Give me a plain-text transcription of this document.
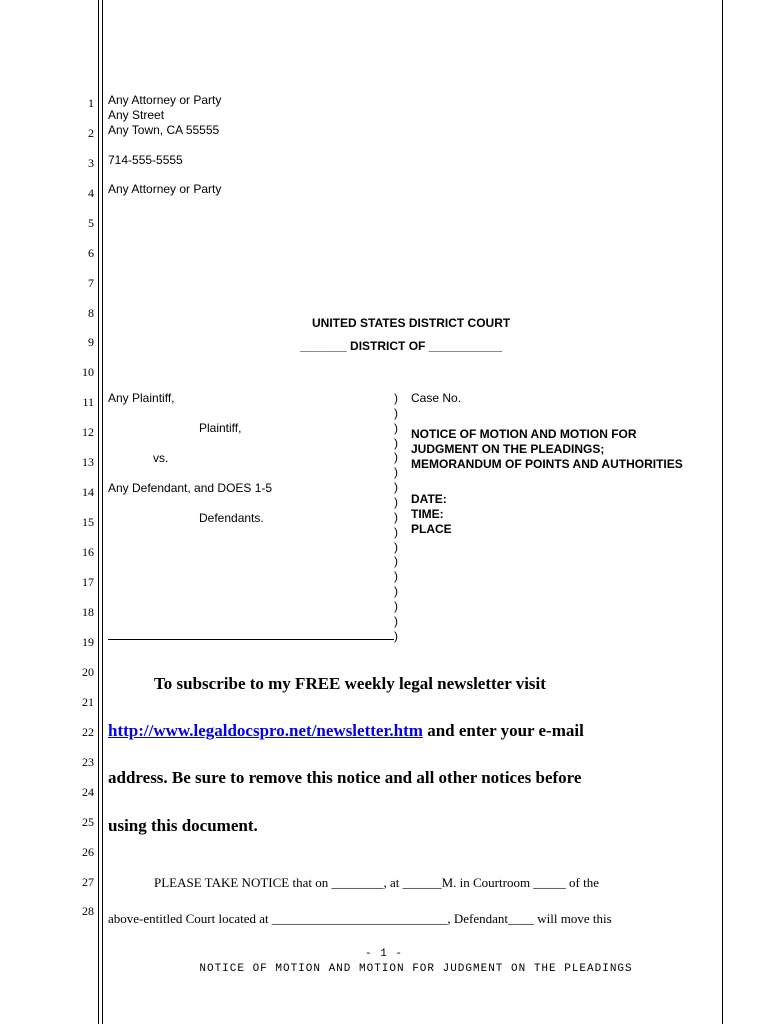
1
2
3
4
5
6
7
8
9
10
11
12
13
14
15
16
17
18
19
20
21
22
23
24
25
26
27
28
Any Attorney or Party
Any Street
Any Town, CA 55555
714-555-5555
Any Attorney or Party
UNITED STATES DISTRICT COURT
_______ DISTRICT OF ___________
Any Plaintiff,
Plaintiff,
vs.
Any Defendant, and DOES 1-5
Defendants.
)
)
)
)
)
)
)
)
)
)
)
)
)
)
)
)
)
Case No.
NOTICE OF MOTION AND MOTION FOR
JUDGMENT ON THE PLEADINGS;
MEMORANDUM OF POINTS AND AUTHORITIES
DATE:
TIME:
PLACE
To subscribe to my FREE weekly legal newsletter visit
http://www.legaldocspro.net/newsletter.htm and enter your e-mail
address. Be sure to remove this notice and all other notices before
using this document.
PLEASE TAKE NOTICE that on ________, at ______M. in Courtroom _____ of the
above-entitled Court located at ___________________________, Defendant____ will move this
- 1 -
NOTICE OF MOTION AND MOTION FOR JUDGMENT ON THE PLEADINGS
